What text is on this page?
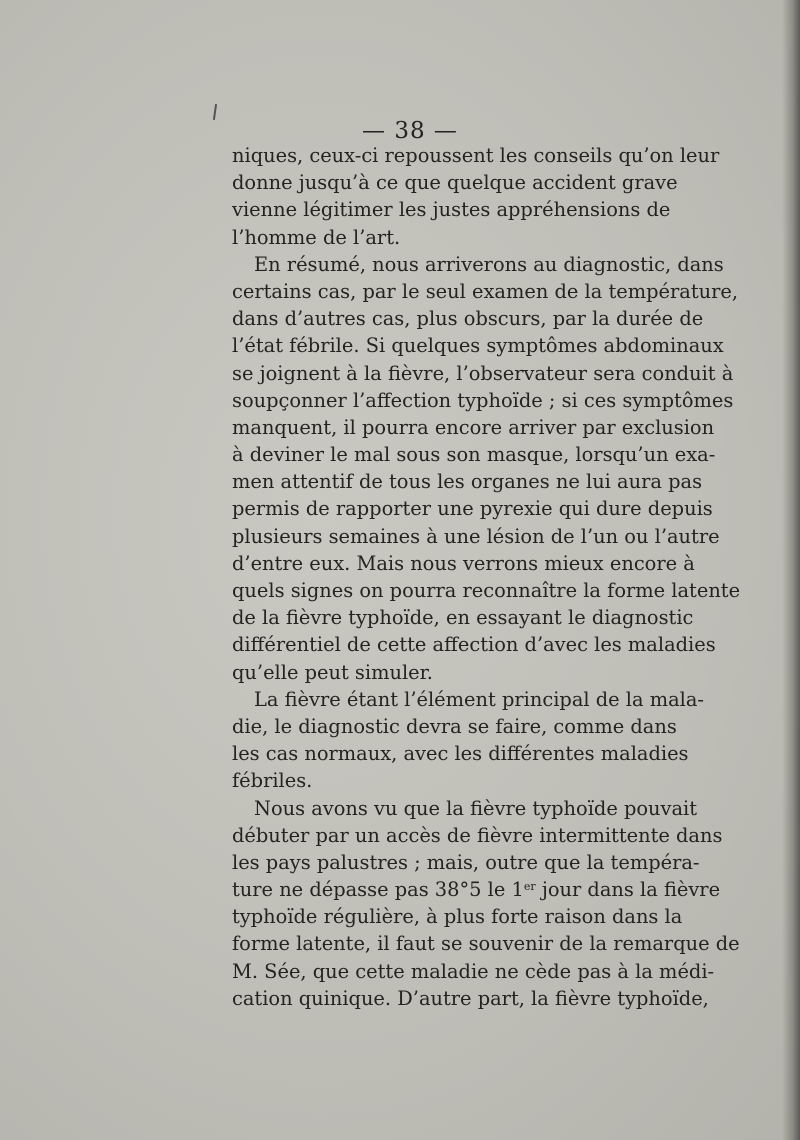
— 38 —
niques, ceux-ci repoussent les conseils qu’on leur
donne jusqu’à ce que quelque accident grave
vienne légitimer les justes appréhensions de
l’homme de l’art.
En résumé, nous arriverons au diagnostic, dans
certains cas, par le seul examen de la température,
dans d’autres cas, plus obscurs, par la durée de
l’état fébrile. Si quelques symptômes abdominaux
se joignent à la fièvre, l’observateur sera conduit à
soupçonner l’affection typhoïde ; si ces symptômes
manquent, il pourra encore arriver par exclusion
à deviner le mal sous son masque, lorsqu’un exa-
men attentif de tous les organes ne lui aura pas
permis de rapporter une pyrexie qui dure depuis
plusieurs semaines à une lésion de l’un ou l’autre
d’entre eux. Mais nous verrons mieux encore à
quels signes on pourra reconnaître la forme latente
de la fièvre typhoïde, en essayant le diagnostic
différentiel de cette affection d’avec les maladies
qu’elle peut simuler.
La fièvre étant l’élément principal de la mala-
die, le diagnostic devra se faire, comme dans
les cas normaux, avec les différentes maladies
fébriles.
Nous avons vu que la fièvre typhoïde pouvait
débuter par un accès de fièvre intermittente dans
les pays palustres ; mais, outre que la tempéra-
ture ne dépasse pas 38°5 le 1er jour dans la fièvre
typhoïde régulière, à plus forte raison dans la
forme latente, il faut se souvenir de la remarque de
M. Sée, que cette maladie ne cède pas à la médi-
cation quinique. D’autre part, la fièvre typhoïde,
